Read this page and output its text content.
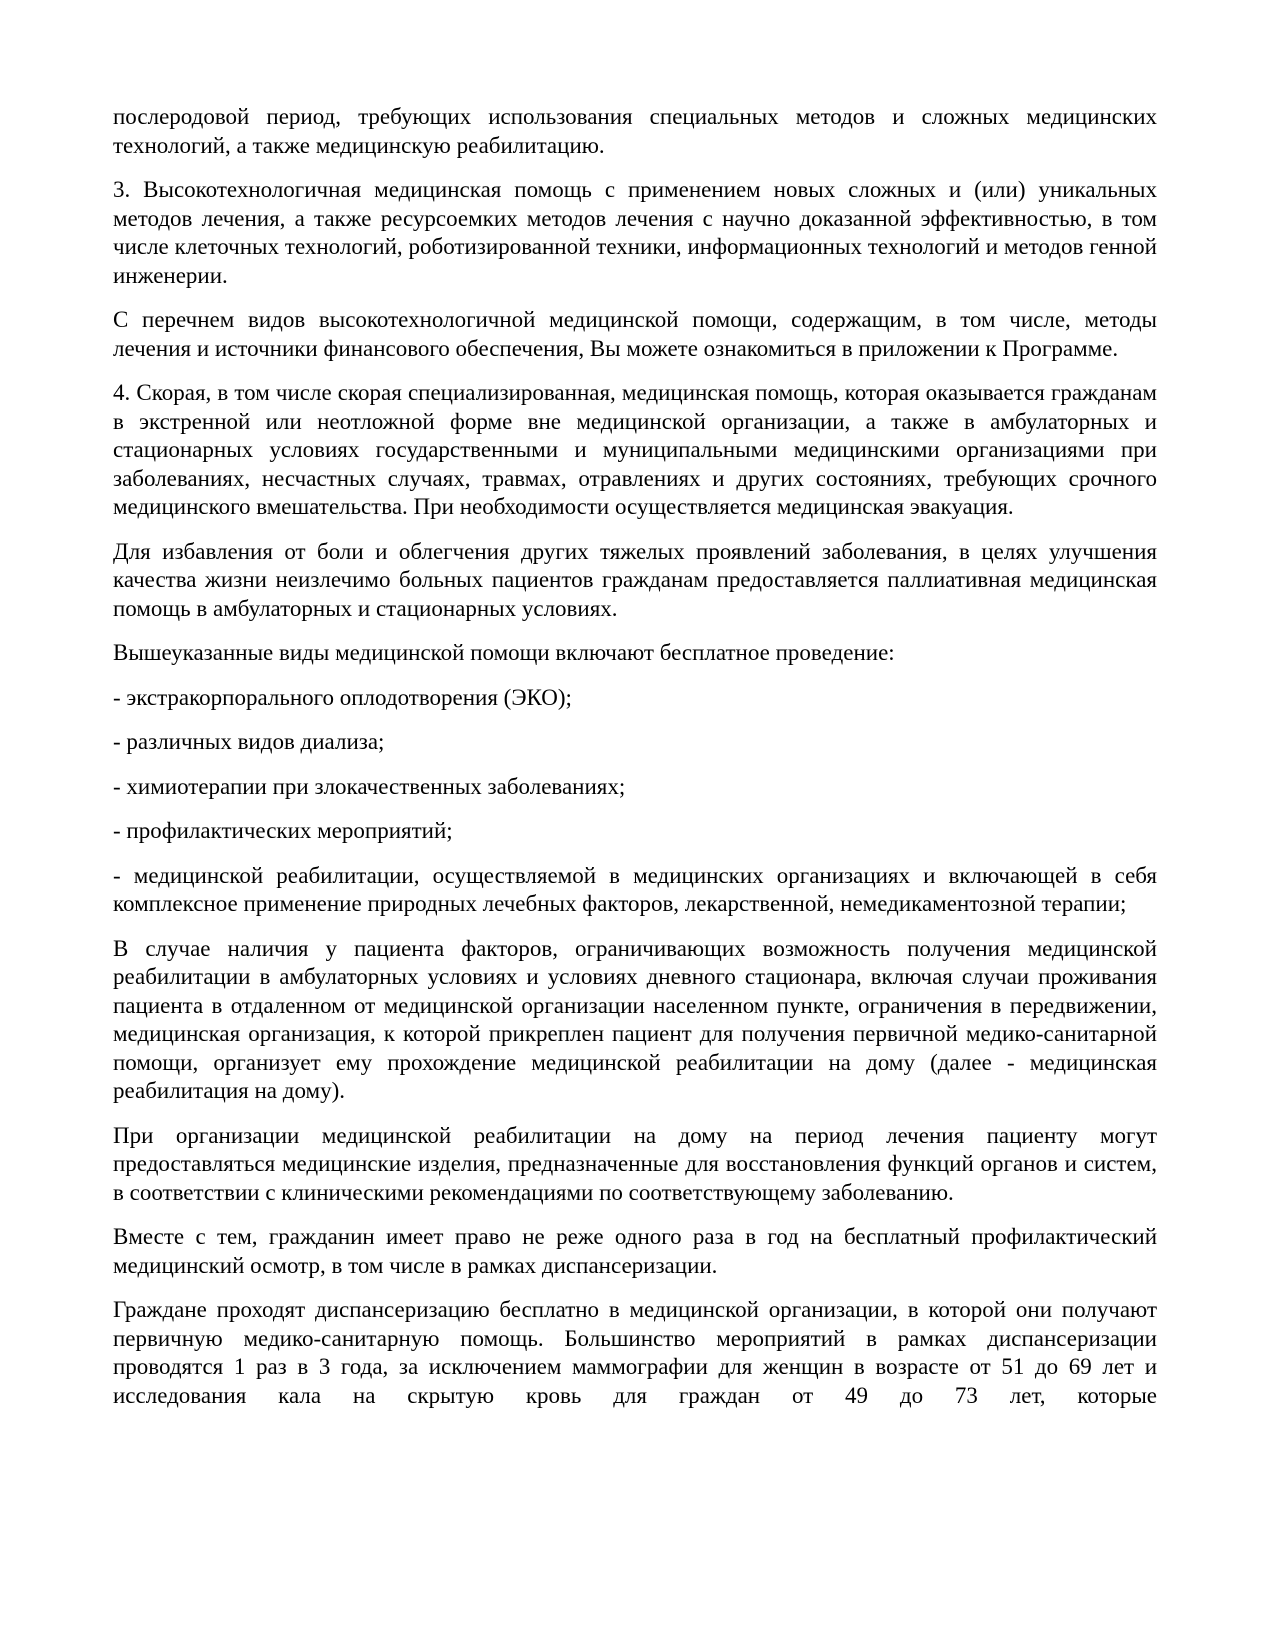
послеродовой период, требующих использования специальных методов и сложных медицинских технологий, а также медицинскую реабилитацию.

3. Высокотехнологичная медицинская помощь с применением новых сложных и (или) уникальных методов лечения, а также ресурсоемких методов лечения с научно доказанной эффективностью, в том числе клеточных технологий, роботизированной техники, информационных технологий и методов генной инженерии.

С перечнем видов высокотехнологичной медицинской помощи, содержащим, в том числе, методы лечения и источники финансового обеспечения, Вы можете ознакомиться в приложении к Программе.

4. Скорая, в том числе скорая специализированная, медицинская помощь, которая оказывается гражданам в экстренной или неотложной форме вне медицинской организации, а также в амбулаторных и стационарных условиях государственными и муниципальными медицинскими организациями при заболеваниях, несчастных случаях, травмах, отравлениях и других состояниях, требующих срочного медицинского вмешательства. При необходимости осуществляется медицинская эвакуация.

Для избавления от боли и облегчения других тяжелых проявлений заболевания, в целях улучшения качества жизни неизлечимо больных пациентов гражданам предоставляется паллиативная медицинская помощь в амбулаторных и стационарных условиях.

Вышеуказанные виды медицинской помощи включают бесплатное проведение:

- экстракорпорального оплодотворения (ЭКО);

- различных видов диализа;

- химиотерапии при злокачественных заболеваниях;

- профилактических мероприятий;

- медицинской реабилитации, осуществляемой в медицинских организациях и включающей в себя комплексное применение природных лечебных факторов, лекарственной, немедикаментозной терапии;

В случае наличия у пациента факторов, ограничивающих возможность получения медицинской реабилитации в амбулаторных условиях и условиях дневного стационара, включая случаи проживания пациента в отдаленном от медицинской организации населенном пункте, ограничения в передвижении, медицинская организация, к которой прикреплен пациент для получения первичной медико-санитарной помощи, организует ему прохождение медицинской реабилитации на дому (далее - медицинская реабилитация на дому).

При организации медицинской реабилитации на дому на период лечения пациенту могут предоставляться медицинские изделия, предназначенные для восстановления функций органов и систем, в соответствии с клиническими рекомендациями по соответствующему заболеванию.

Вместе с тем, гражданин имеет право не реже одного раза в год на бесплатный профилактический медицинский осмотр, в том числе в рамках диспансеризации.

Граждане проходят диспансеризацию бесплатно в медицинской организации, в которой они получают первичную медико-санитарную помощь. Большинство мероприятий в рамках диспансеризации проводятся 1 раз в 3 года, за исключением маммографии для женщин в возрасте от 51 до 69 лет и исследования кала на скрытую кровь для граждан от 49 до 73 лет, которые
